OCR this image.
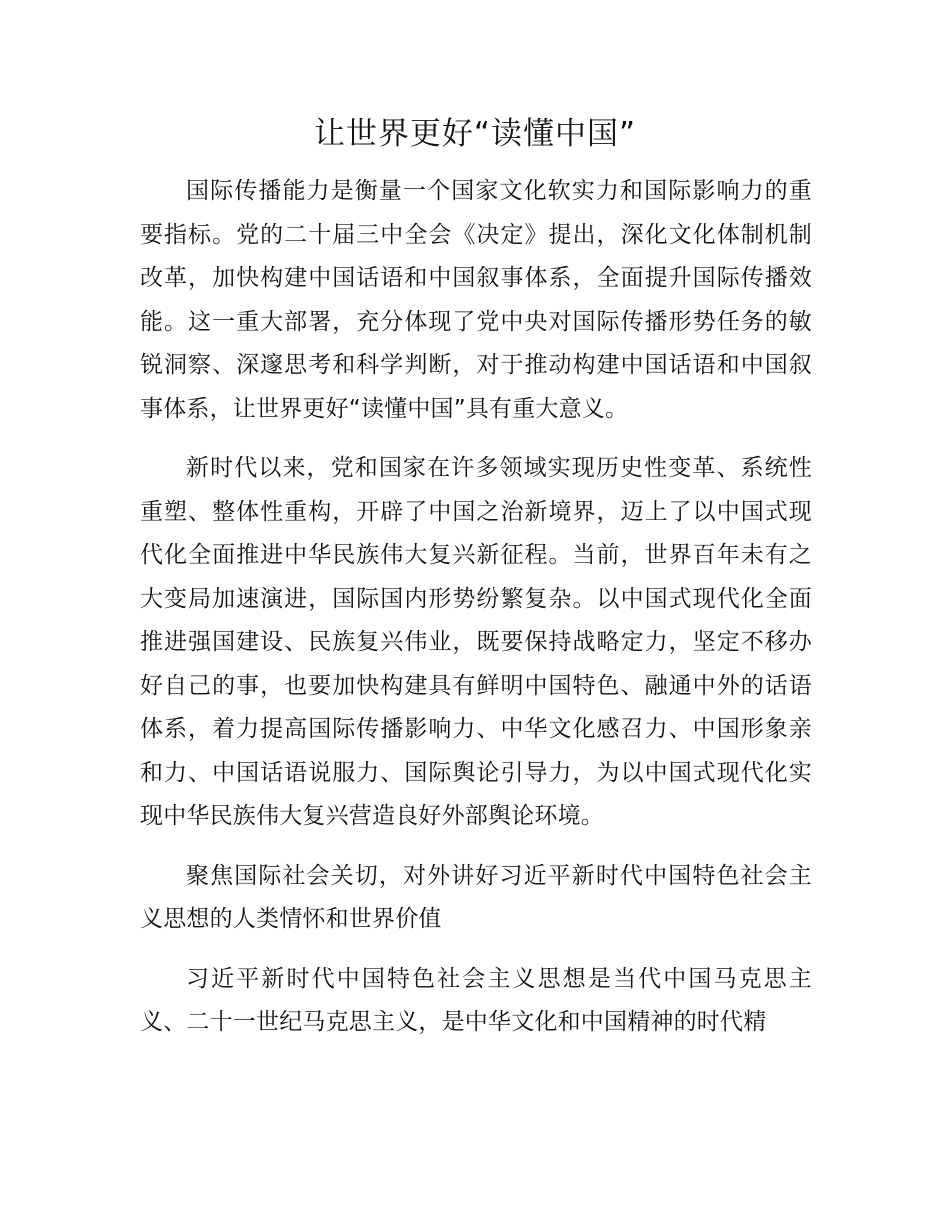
让世界更好“读懂中国”

国际传播能力是衡量一个国家文化软实力和国际影响力的重要指标。党的二十届三中全会《决定》提出，深化文化体制机制改革，加快构建中国话语和中国叙事体系，全面提升国际传播效能。这一重大部署，充分体现了党中央对国际传播形势任务的敏锐洞察、深邃思考和科学判断，对于推动构建中国话语和中国叙事体系，让世界更好“读懂中国”具有重大意义。

新时代以来，党和国家在许多领域实现历史性变革、系统性重塑、整体性重构，开辟了中国之治新境界，迈上了以中国式现代化全面推进中华民族伟大复兴新征程。当前，世界百年未有之大变局加速演进，国际国内形势纷繁复杂。以中国式现代化全面推进强国建设、民族复兴伟业，既要保持战略定力，坚定不移办好自己的事，也要加快构建具有鲜明中国特色、融通中外的话语体系，着力提高国际传播影响力、中华文化感召力、中国形象亲和力、中国话语说服力、国际舆论引导力，为以中国式现代化实现中华民族伟大复兴营造良好外部舆论环境。

聚焦国际社会关切，对外讲好习近平新时代中国特色社会主义思想的人类情怀和世界价值

习近平新时代中国特色社会主义思想是当代中国马克思主义、二十一世纪马克思主义，是中华文化和中国精神的时代精
